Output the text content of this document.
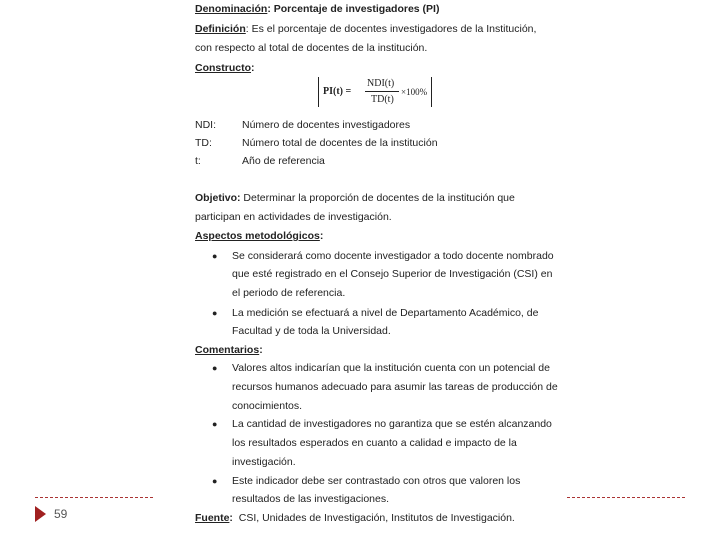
Denominación: Porcentaje de investigadores (PI)
Definición: Es el porcentaje de docentes investigadores de la Institución,
con respecto al total de docentes de la institución.
Constructo:
PI(t) =
NDI(t)
TD(t)
×100%
NDI: Número de docentes investigadores
TD:	Número total de docentes de la institución
t:	Año de referencia
Objetivo: Determinar la proporción de docentes de la institución que
participan en actividades de investigación.
Aspectos metodológicos:
● Se considerará como docente investigador a todo docente nombrado
que esté registrado en el Consejo Superior de Investigación (CSI) en
el periodo de referencia.
● La medición se efectuará a nivel de Departamento Académico, de
Facultad y de toda la Universidad.
Comentarios:
● Valores altos indicarían que la institución cuenta con un potencial de
recursos humanos adecuado para asumir las tareas de producción de
conocimientos.
● La cantidad de investigadores no garantiza que se estén alcanzando
los resultados esperados en cuanto a calidad e impacto de la
investigación.
● Este indicador debe ser contrastado con otros que valoren los
resultados de las investigaciones.
Fuente:  CSI, Unidades de Investigación, Institutos de Investigación.
59
